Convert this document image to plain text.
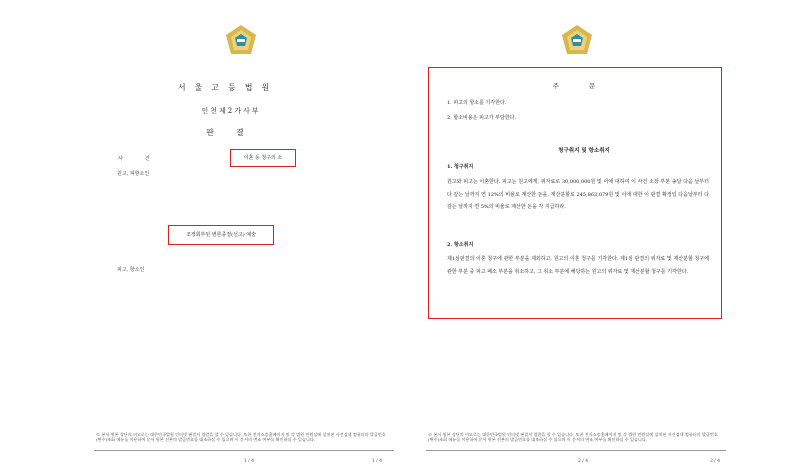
서울고등법원
인천제2가사부
판결
사건	이혼 등 청구의 소
원고, 피항소인
조정회부된 변론종결(선고) 예술
피고, 항소인
※ 본서 원본 상단의 비고로는 대한민국법원 인터넷 판결서 열람을 할 수 있습니다. 또한 전자소송홈페이지 및 각 법원 민원실에 설치된 사건검색 컴퓨터의 발급번호(면수)조회 메뉴를 이용하여 문서 원본 진본의 발급번호를 대조하실 수 있으며 이 문서의 변조 여부를 확인하실 수 있습니다.
1 / 4	1 / 4
주문
1. 피고의 항소를 기각한다.
2. 항소비용은 피고가 부담한다.
청구취지 및 항소취지
1. 청구취지
원고와 피고는 이혼한다. 피고는 원고에게, 위자료로 30,000,000원 및 이에 대하여 이 사건 소장 부본 송달 다음 날부터 다 갚는 날까지 연 12%의 비율로 계산한 돈을, 재산분할로 245,863,079원 및 이에 대한 이 판결 확정일 다음날부터 다 갚는 날까지 연 5%의 비율로 계산한 돈을 각 지급하라.
2. 항소취지
제1심판결의 이혼 청구에 관한 부분을 제외하고, 원고의 이혼 청구를 기각한다. 제1심 판결의 위자료 및 재산분할 청구에 관한 부분 중 피고 패소 부분을 취소하고, 그 취소 부분에 해당하는 원고의 위자료 및 재산분할 청구를 기각한다.
※ 본서 원본 상단의 비고로는 대한민국법원 인터넷 판결서 열람을 할 수 있습니다. 또한 전자소송홈페이지 및 각 법원 민원실에 설치된 사건검색 컴퓨터의 발급번호(면수)조회 메뉴를 이용하여 문서 원본 진본의 발급번호를 대조하실 수 있으며 이 문서의 변조 여부를 확인하실 수 있습니다.
2 / 4	2 / 4
